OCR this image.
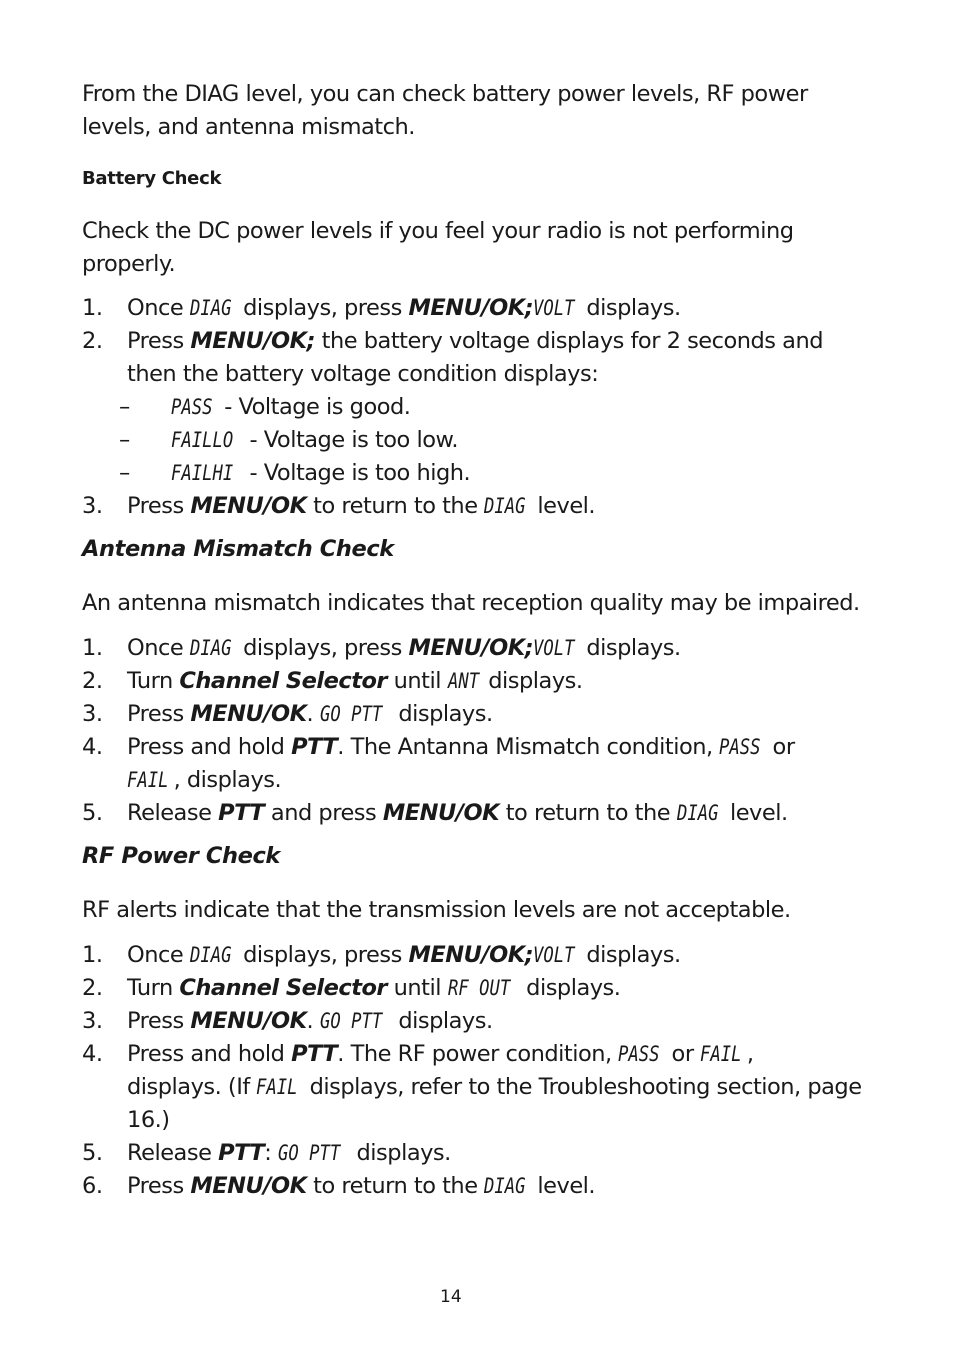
From the DIAG level, you can check battery power levels, RF power levels, and antenna mismatch.

Battery Check

Check the DC power levels if you feel your radio is not performing properly.

1.	Once DIAG displays, press MENU/OK;VOLT displays.
2.	Press MENU/OK; the battery voltage displays for 2 seconds and then the battery voltage condition displays:
– PASS - Voltage is good.
– FAILLO - Voltage is too low.
– FAILHI - Voltage is too high.
3.	Press MENU/OK to return to the DIAG level.
Antenna Mismatch Check

An antenna mismatch indicates that reception quality may be impaired.

1.	Once DIAG displays, press MENU/OK;VOLT displays.
2.	Turn Channel Selector until ANT displays.
3.	Press MENU/OK. GO PTT displays.
4.	Press and hold PTT. The Antanna Mismatch condition, PASS or
FAIL , displays.
5.	Release PTT and press MENU/OK to return to the DIAG level.
RF Power Check

RF alerts indicate that the transmission levels are not acceptable.

1.	Once DIAG displays, press MENU/OK;VOLT displays.
2.	Turn Channel Selector until RF OUT displays.
3.	Press MENU/OK. GO PTT displays.
4.	Press and hold PTT. The RF power condition, PASS or FAIL ,
displays. (If FAIL displays, refer to the Troubleshooting section, page 16.)
5.	Release PTT: GO PTT displays.
6.	Press MENU/OK to return to the DIAG level.
14
